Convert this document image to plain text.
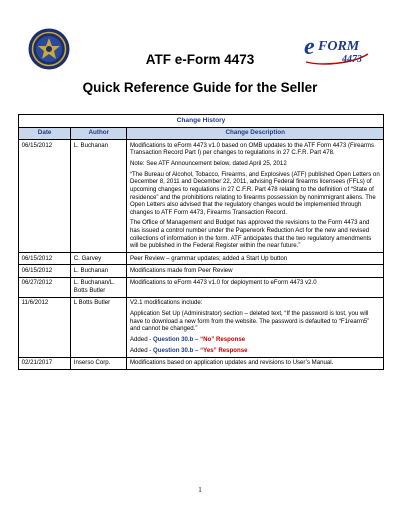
ATF e-Form 4473
Quick Reference Guide for the Seller
e FORM
4473
Change History		
Date	Author	Change Description
06/15/2012	L. Buchanan	Modifications to eForm 4473 v1.0 based on OMB updates to the ATF Form 4473 (Firearms Transaction Record Part I) per changes to regulations in 27 C.F.R. Part 478.

Note: See ATF Announcement below, dated April 25, 2012

“The Bureau of Alcohol, Tobacco, Firearms, and Explosives (ATF) published Open Letters on December 8, 2011 and December 22, 2011, advising Federal firearms licensees (FFLs) of upcoming changes to regulations in 27 C.F.R. Part 478 relating to the definition of “State of residence” and the prohibitions relating to firearms possession by nonimmigrant aliens. The Open Letters also advised that the regulatory changes would be implemented through changes to ATF Form 4473, Firearms Transaction Record.

The Office of Management and Budget has approved the revisions to the Form 4473 and has issued a control number under the Paperwork Reduction Act for the new and revised collections of information in the form. ATF anticipates that the two regulatory amendments will be published in the Federal Register within the near future.”

06/15/2012	C. Garvey	Peer Review – grammar updates; added a Start Up button
06/15/2012	L. Buchanan	Modifications made from Peer Review
06/27/2012	L. Buchanan/L.
Botts Butler	Modifications to eForm 4473 v1.0 for deployment to eForm 4473 v2.0
11/6/2012	L Botts Butler	V2.1 modifications include:

Application Set Up (Administrator) section – deleted text, “If the password is lost, you will have to download a new form from the website. The password is defaulted to “F1rearm5” and cannot be changed.”

Added - Question 30.b – “No” Response

Added - Question 30.b – “Yes” Response

02/21/2017	Inserso Corp.	Modifications based on application updates and revisions to User’s Manual.
1
